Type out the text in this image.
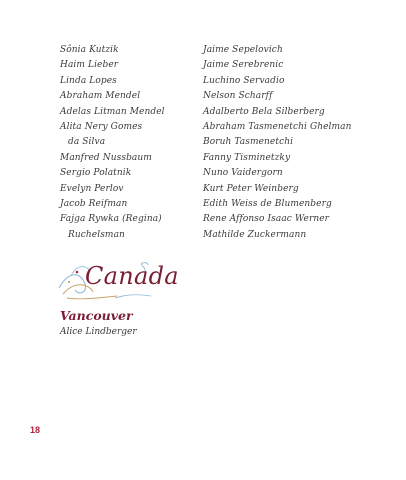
Sônia Kutzik
Haim Lieber
Linda Lopes
Abraham Mendel
Adelas Litman Mendel
Alita Nery Gomes
da Silva
Manfred Nussbaum
Sergio Polatnik
Evelyn Perlov
Jacob Reifman
Fajga Rywka (Regina)
Ruchelsman
Jaime Sepelovich
Jaime Serebrenic
Luchino Servadio
Nelson Scharff
Adalberto Bela Silberberg
Abraham Tasmenetchi Ghelman
Boruh Tasmenetchi
Fanny Tisminetzky
Nuno Vaidergorn
Kurt Peter Weinberg
Edith Weiss de Blumenberg
Rene Affonso Isaac Werner
Mathilde Zuckermann
Canada
Vancouver
Alice Lindberger
18
